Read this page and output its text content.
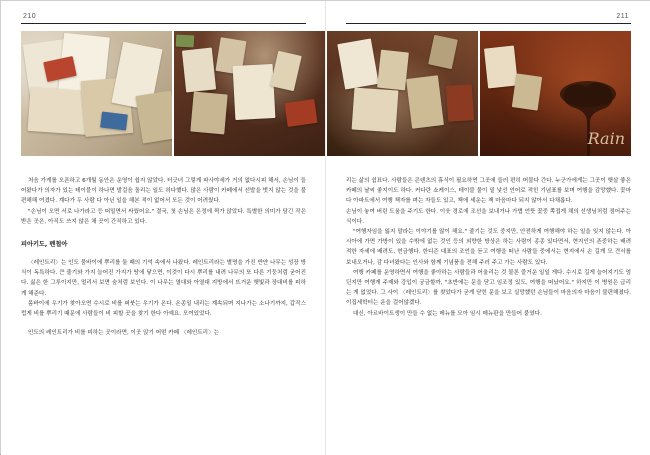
210	211
Rain

처음 가게를 오픈하고 6개월 동안은 운영이 쉽지 않았다. 터긋녀 그렇게 파사야세가 거의 없다시피 해서, 손님이 들어왔다가 의자가 있는 테이블이 하나면 발걸음 돌리는 일도 허다했다. 많은 사람이 카페에서 선발을 벗지 않는 것을 불편해해 여겼다. 계다가 두 사람 다 아닌 일을 해본 적이 없어서 모든 것이 어려웠다.

"손님이 오면 서로 나가라고 등 떠밀면서 싸웠어요." 결국, 첫 손님은 은정에 찍가 앉았다. 특별한 의미가 담긴 작은 받은 곳은, 아직도 쓰지 않은 채 곳이 간직하고 있다.

피아키도, 펜첩아

〈레인트리〉는 인도 뭄바이에 뿌리를 둘 때의 기억 속에서 나왔다. 레인트리라는 별명을 가진 반얀 나무는 성장 방식이 독특하다. 큰 줄기와 가지 늘어진 가지가 땅에 닿으면, 이것이 다시 뿌리를 내려 나무의 또 다른 기둥처럼 굳어진다. 싫은 한 그루이지만, 멀리서 보면 숲처럼 보인다. 이 나무는 열대와 아열대 지방에서 뜨거운 햇빛과 장대비를 피하게 해준다.

몸바이에 우기가 찾아오면 수시로 비를 퍼붓는 우기가 온다. 온종일 내리는 계속되며 지나가는 소나기까지, 갑작스럽게 비를 뿌리기 때문에 사람들이 비 피할 곳을 찾기 한다 아예요. 모여있었다.

인도의 레인트리가 비를 피하는 곳이라면, 이곳 앉기 어떤 카페 〈레인트리〉는

리는 삶의 쉼표다. 사람들은 콘텐츠의 휴식이 필요하면 그곳에 들러 편히 머물다 간다. 누군가에게는 그곳이 햇살 좋은 카페의 날씨 좋지이도 하다. 커다란 쇼케이스, 테이블 물이 밑 낯선 언어로 적힌 기념표를 보며 여행을 감망했다. 꽃마다 아파트에서 여행 책자를 펴는 자들도 있고, 책에 세운는 책 마음마다 되지 않아서 다채롭다.

손님이 놓여 버린 도움을 주기도 한다. 이웃 경로에 조선을 보내거나 가볍 언뜻 꽃중 쪽접게 채의 선생님처럼 점어주는 식이다.

"여행자임을 잃지 말라는 이야기를 많이 해요." 줄기는 것도 중지만, 안전하게 여행해야 하는 일을 잊지 않는다. 아시아에 가면 가방이 있을 수밖에 없는 것인 등의 외향한 방상은 하는 사람이 종종 있다면서, 현지인의 존중하는 배려 적한 자세에 배려도, 현금행다. 한디즌 대표의 조언을 듣고 여행을 떠난 사람들 중에서는 현지에서 손 길게 모 견서를 보내오거나, 감 다녀왔다는 인사와 함께 기념품을 전해 주러 주고 가는 사람도 있다.

여행 카페를 운영하면서 여행을 좋아하는 사람들과 어울리는 것 물론 즐거운 일일 게다. 수시로 길게 늘어지기도 엄딘지만 여행게 주제와 강입이 궁금할까, "초반에는 문을 닫고 임조정 있도, 여행을 떠났어요." 하지만 이 병원은 급리는 게 없었다. 그 사이 〈레인트리〉를 찾았다가 굳게 닫힌 문을 보고 실망했던 손님들이 마음의자 마음이 불편해졌다. 이집세학터는 운을 걸어않겠다.

대신, 아르바이트생이 만들 수 없는 메뉴를 모아 임시 메뉴판을 만들어 붙였다.
